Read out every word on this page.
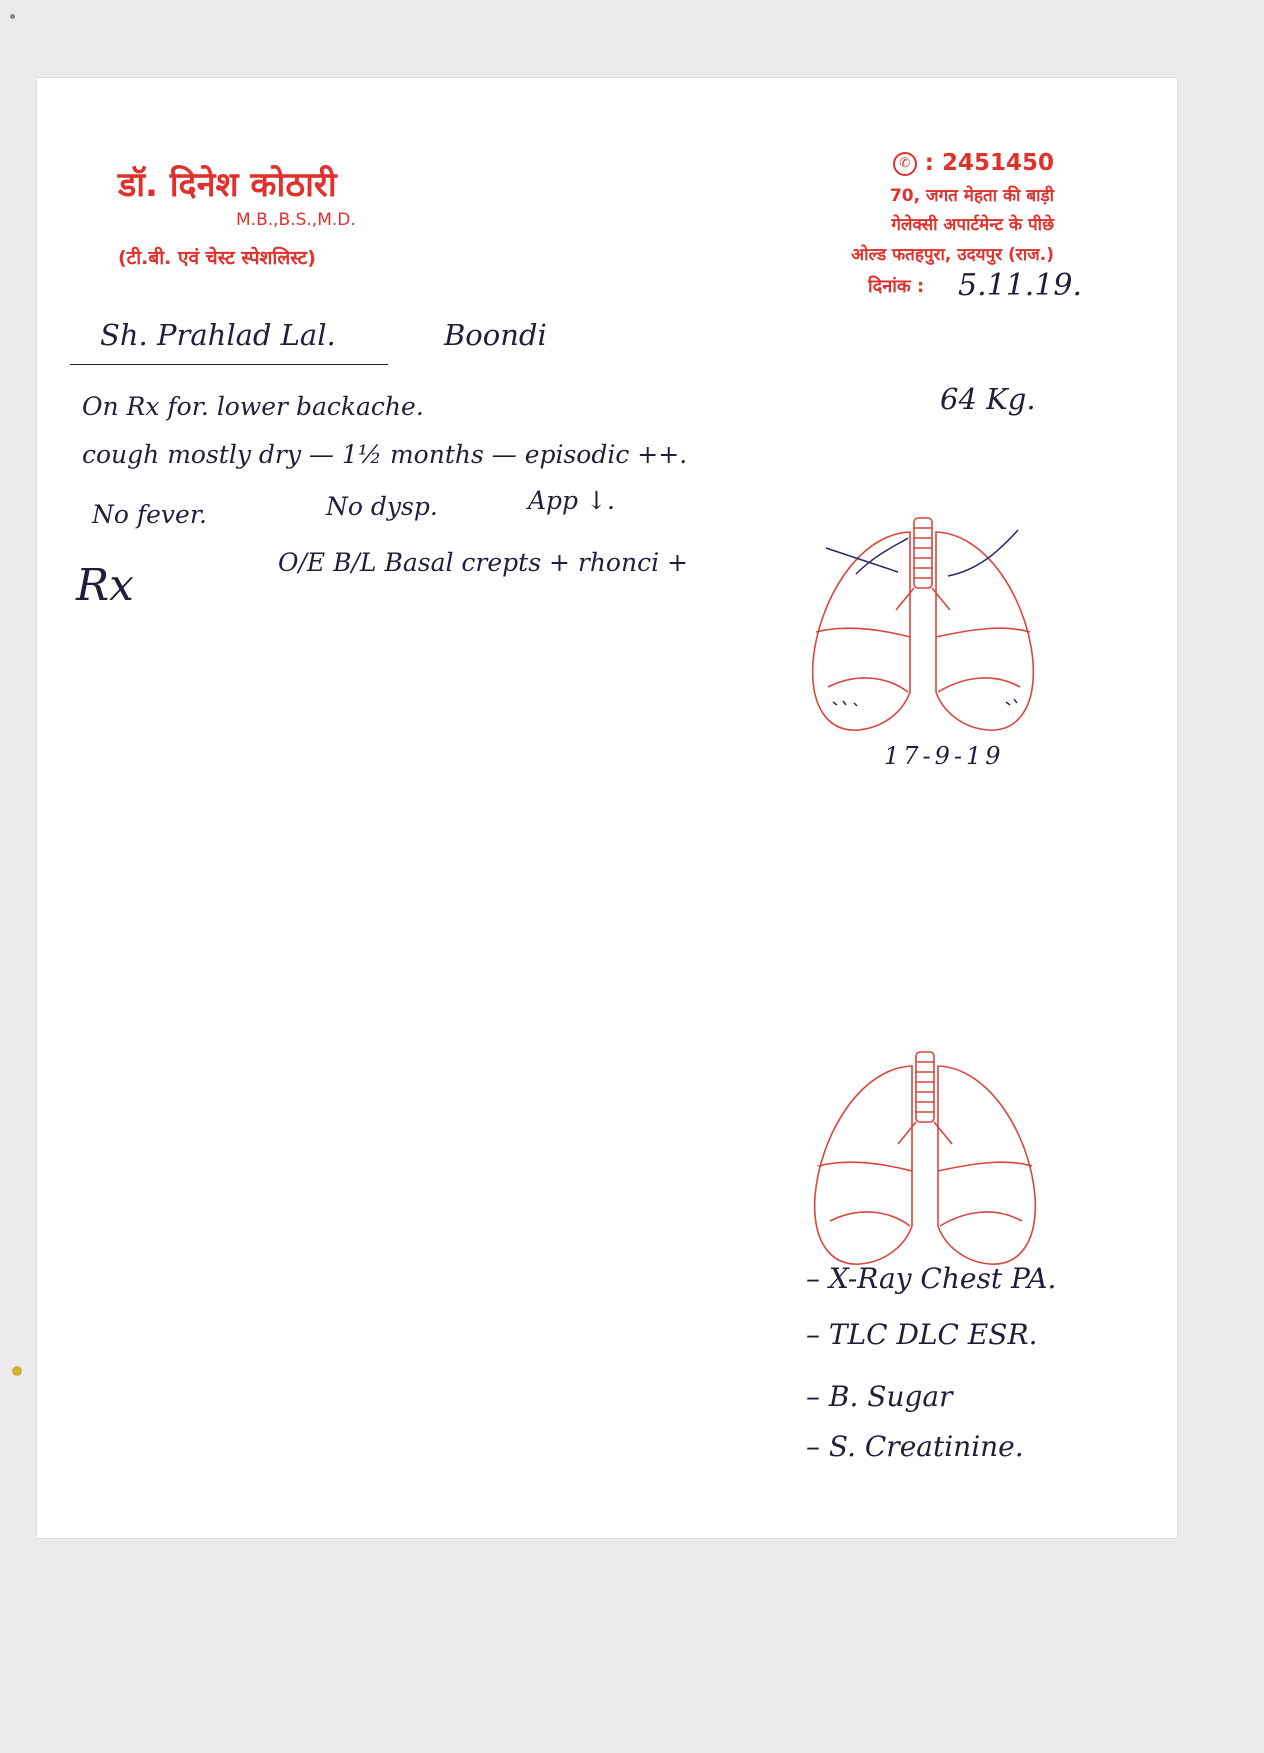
डॉ. दिनेश कोठारी
M.B.,B.S.,M.D.
(टी.बी. एवं चेस्ट स्पेशलिस्ट)
✆ : 2451450
70, जगत मेहता की बाड़ी
गेलेक्सी अपार्टमेन्ट के पीछे
ओल्ड फतहपुरा, उदयपुर (राज.)
दिनांक : 5.11.19.
Sh. Prahlad Lal.	Boondi
64 Kg.
On Rx for. lower backache.
cough mostly dry — 1½ months — episodic ++.
No fever.	No dysp.	App ↓.
O/E B/L Basal crepts + rhonci +
Rx
17-9-19
– X-Ray Chest PA.
– TLC DLC ESR.
– B. Sugar
– S. Creatinine.
